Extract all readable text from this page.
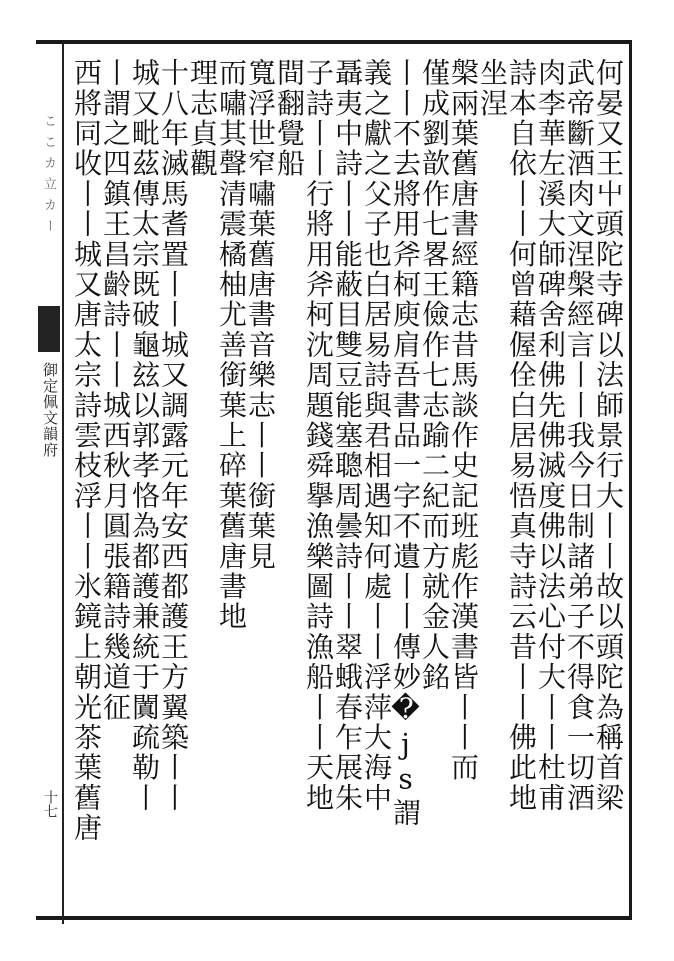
ここカ立カー
御定佩文韻府
十七	何晏又王屮頭陀寺碑以法師景行大丨丨故以頭陀為稱首梁
武帝斷酒肉文涅槃經言丨丨我今日制諸弟子不得食一切酒
肉李華左溪大師碑舍利佛先佛滅度佛以法心付大丨丨杜甫
詩本自依丨丨何曾藉偓佺白居易悟真寺詩云昔丨丨佛此地
坐涅
槃兩葉舊唐書經籍志昔馬談作史記班彪作漢書皆丨丨而
僅成劉歆作七畧王儉作七志踰二紀而方就金人銘
丨丨不去將用斧柯庾肩吾書品一字不遺丨丨傳妙�js謂
義之獻之父子也白居易詩與君相遇知何處丨丨浮萍大海中
聶夷中詩丨丨能蔽目雙豆能塞聰周曇詩丨丨翠蛾春乍展朱
子詩丨丨行將用斧柯沈周題錢舜擧漁樂圖詩漁船丨丨天地
間翻覺船
寬浮世窄嘯葉舊唐書音樂志丨丨銜葉見
而嘯其聲清震橘柚尤善銜葉上碎葉舊唐書地
理志貞觀
十八年滅馬耆置丨丨城又調露元年安西都護王方翼築丨丨
城又毗茲傳太宗既破龜玆以郭孝恪為都護兼統于闐疏勒丨
丨謂之四鎮王昌齡詩丨丨城西秋月圓張籍詩幾道征
西將同收丨丨城又唐太宗詩雲枝浮丨丨氷鏡上朝光茶葉舊唐
